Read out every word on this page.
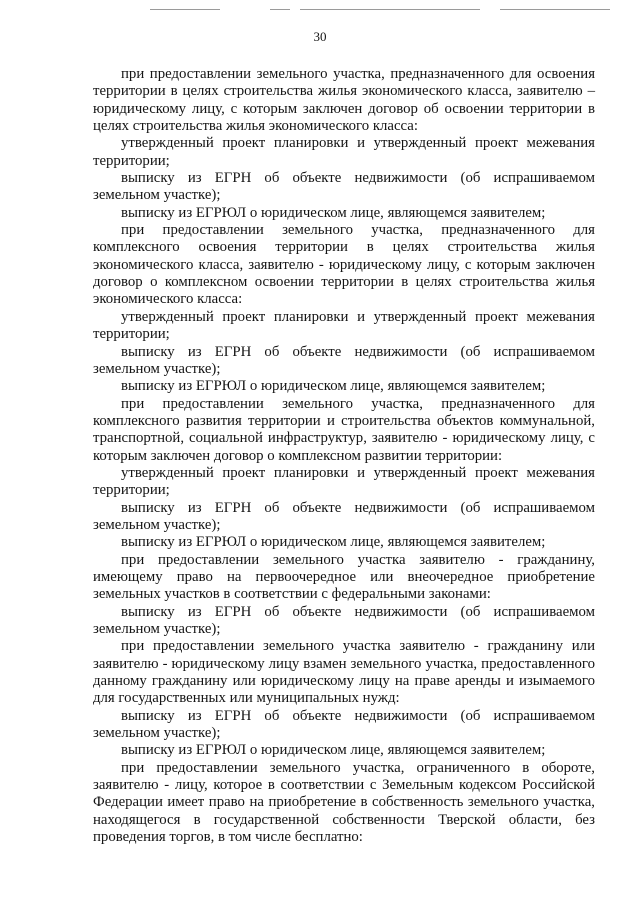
30

при предоставлении земельного участка, предназначенного для освоения территории в целях строительства жилья экономического класса, заявителю – юридическому лицу, с которым заключен договор об освоении территории в целях строительства жилья экономического класса:

утвержденный проект планировки и утвержденный проект межевания территории;

выписку из ЕГРН об объекте недвижимости (об испрашиваемом земельном участке);

выписку из ЕГРЮЛ о юридическом лице, являющемся заявителем;

при предоставлении земельного участка, предназначенного для комплексного освоения территории в целях строительства жилья экономического класса, заявителю - юридическому лицу, с которым заключен договор о комплексном освоении территории в целях строительства жилья экономического класса:

утвержденный проект планировки и утвержденный проект межевания территории;

выписку из ЕГРН об объекте недвижимости (об испрашиваемом земельном участке);

выписку из ЕГРЮЛ о юридическом лице, являющемся заявителем;

при предоставлении земельного участка, предназначенного для комплексного развития территории и строительства объектов коммунальной, транспортной, социальной инфраструктур, заявителю - юридическому лицу, с которым заключен договор о комплексном развитии территории:

утвержденный проект планировки и утвержденный проект межевания территории;

выписку из ЕГРН об объекте недвижимости (об испрашиваемом земельном участке);

выписку из ЕГРЮЛ о юридическом лице, являющемся заявителем;

при предоставлении земельного участка заявителю - гражданину, имеющему право на первоочередное или внеочередное приобретение земельных участков в соответствии с федеральными законами:

выписку из ЕГРН об объекте недвижимости (об испрашиваемом земельном участке);

при предоставлении земельного участка заявителю - гражданину или заявителю - юридическому лицу взамен земельного участка, предоставленного данному гражданину или юридическому лицу на праве аренды и изымаемого для государственных или муниципальных нужд:

выписку из ЕГРН об объекте недвижимости (об испрашиваемом земельном участке);

выписку из ЕГРЮЛ о юридическом лице, являющемся заявителем;

при предоставлении земельного участка, ограниченного в обороте, заявителю - лицу, которое в соответствии с Земельным кодексом Российской Федерации имеет право на приобретение в собственность земельного участка, находящегося в государственной собственности Тверской области, без проведения торгов, в том числе бесплатно:
